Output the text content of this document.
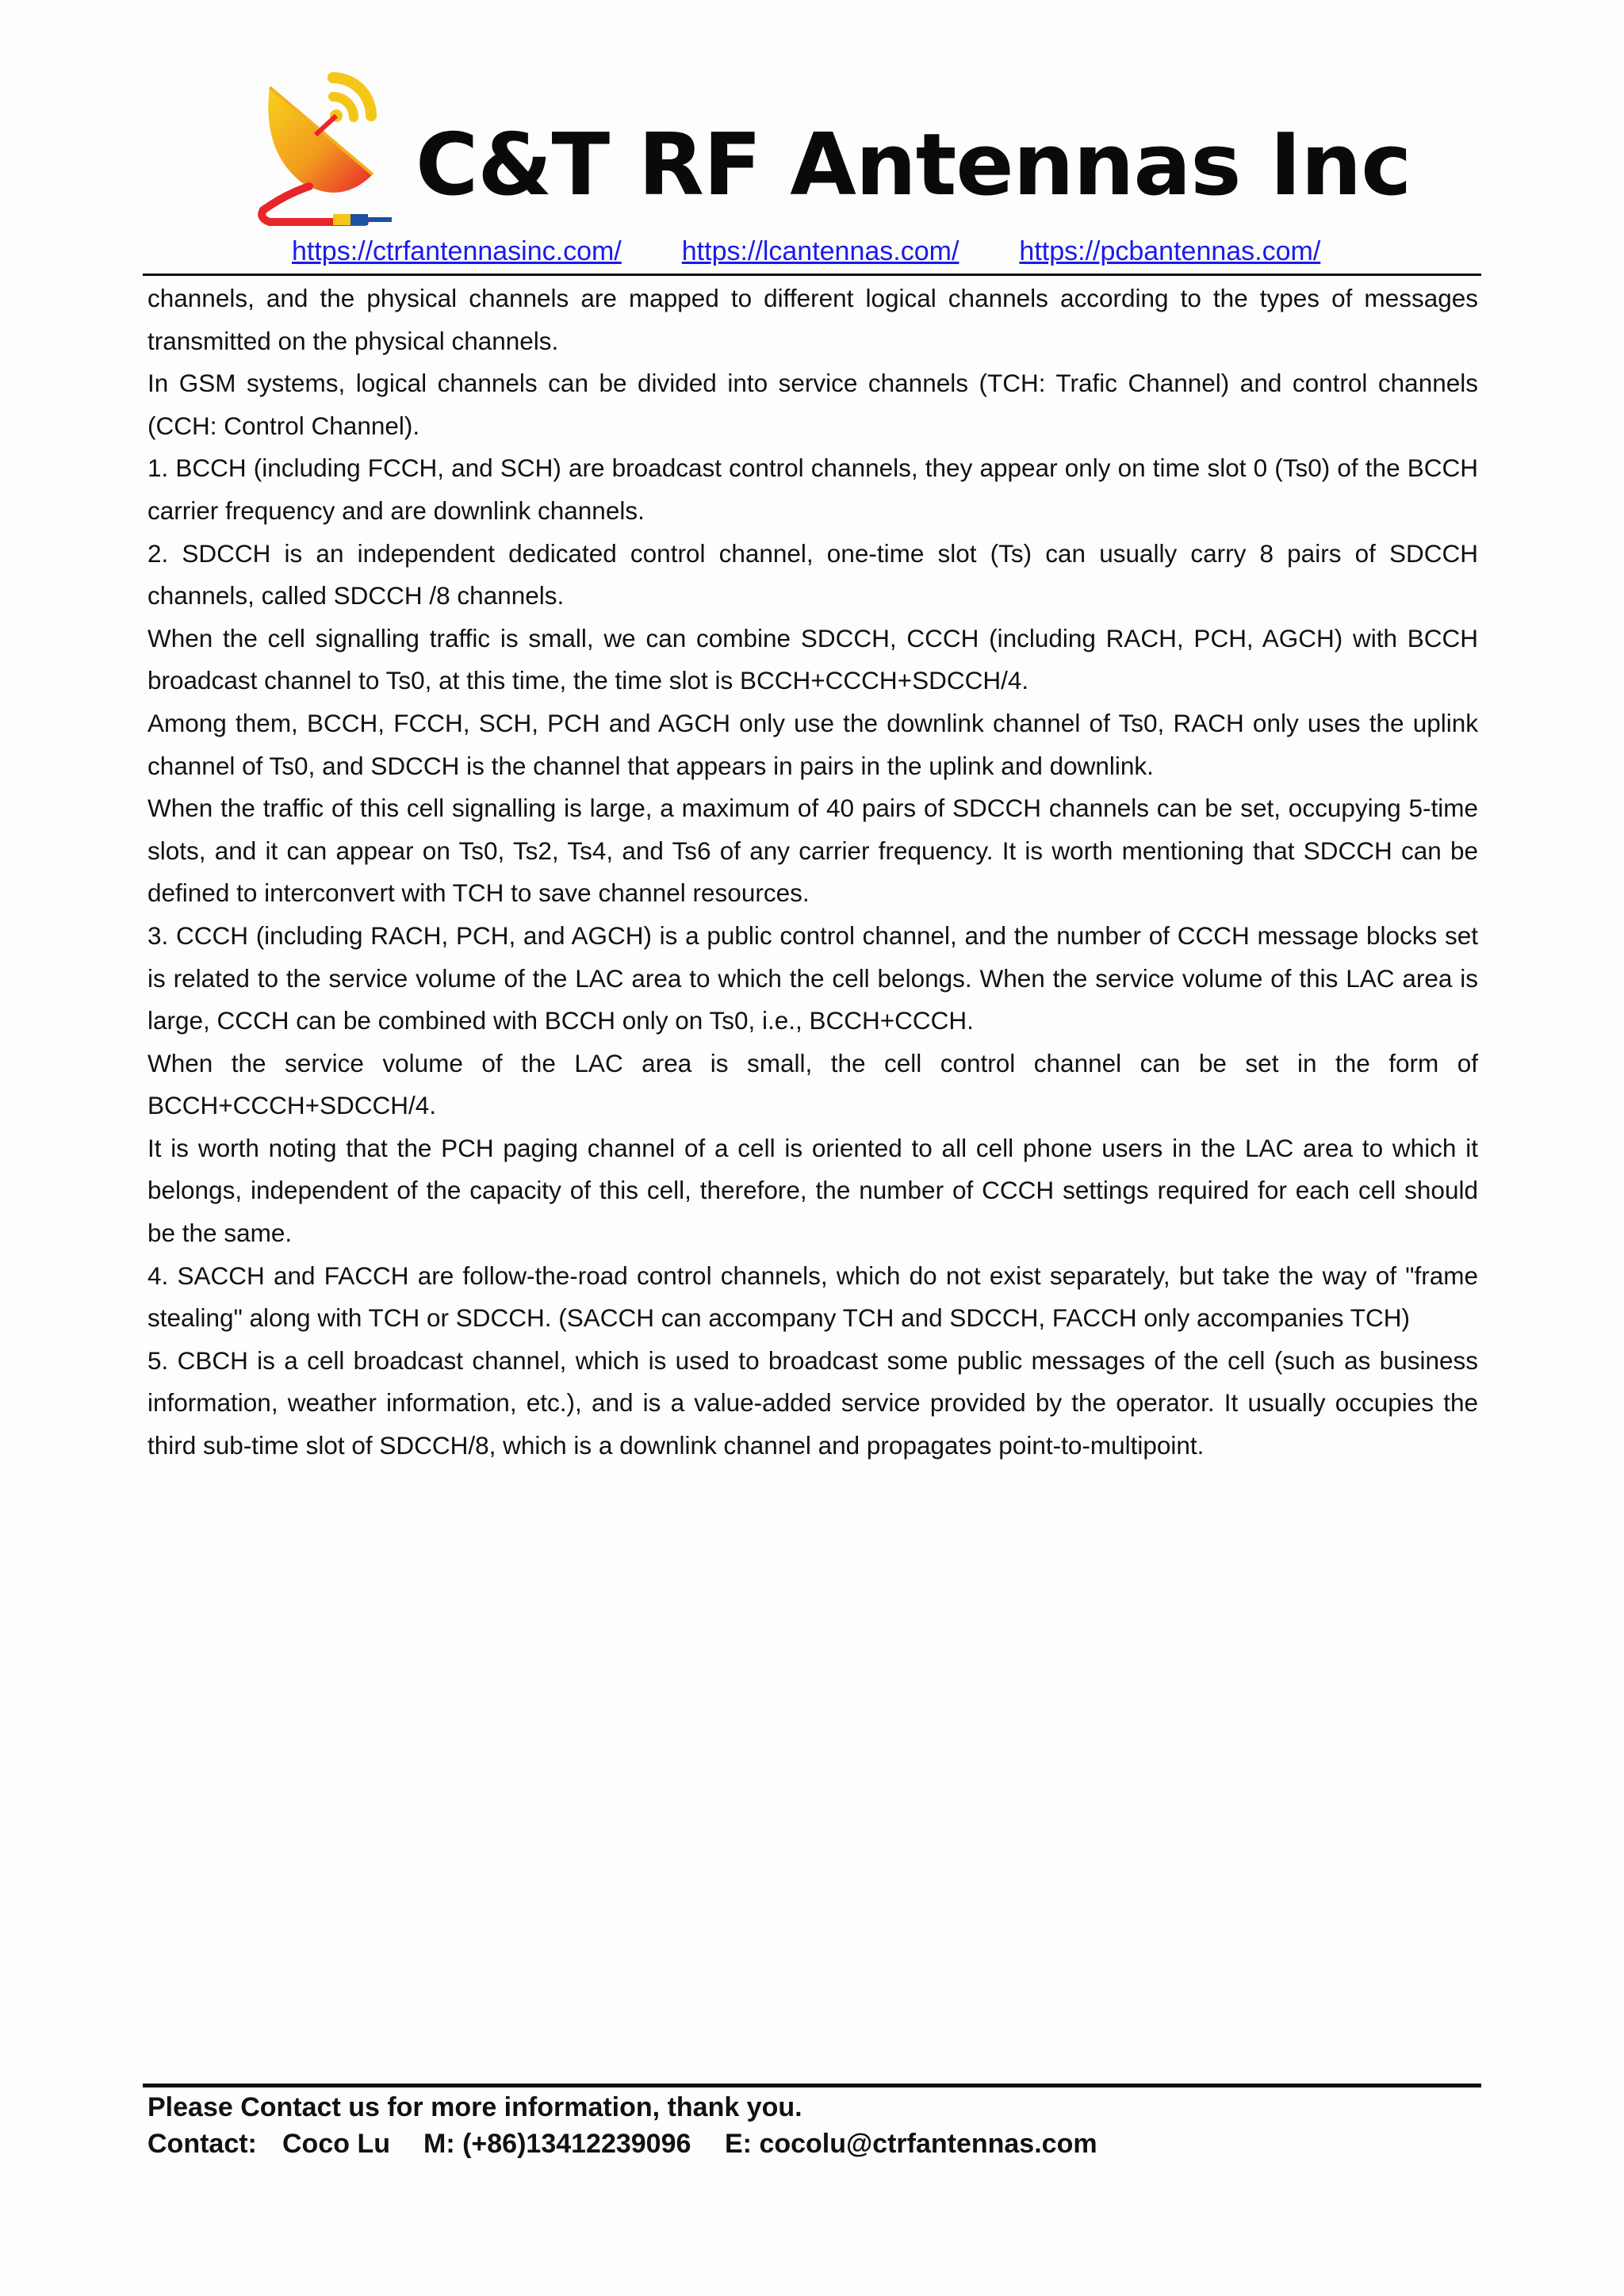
C&T RF Antennas Inc
https://ctrfantennasinc.com/ https://lcantennas.com/ https://pcbantennas.com/

channels, and the physical channels are mapped to different logical channels according to the types of messages transmitted on the physical channels.

In GSM systems, logical channels can be divided into service channels (TCH: Trafic Channel) and control channels (CCH: Control Channel).

1. BCCH (including FCCH, and SCH) are broadcast control channels, they appear only on time slot 0 (Ts0) of the BCCH carrier frequency and are downlink channels.

2. SDCCH is an independent dedicated control channel, one-time slot (Ts) can usually carry 8 pairs of SDCCH channels, called SDCCH /8 channels.

When the cell signalling traffic is small, we can combine SDCCH, CCCH (including RACH, PCH, AGCH) with BCCH broadcast channel to Ts0, at this time, the time slot is BCCH+CCCH+SDCCH/4.

Among them, BCCH, FCCH, SCH, PCH and AGCH only use the downlink channel of Ts0, RACH only uses the uplink channel of Ts0, and SDCCH is the channel that appears in pairs in the uplink and downlink.

When the traffic of this cell signalling is large, a maximum of 40 pairs of SDCCH channels can be set, occupying 5-time slots, and it can appear on Ts0, Ts2, Ts4, and Ts6 of any carrier frequency. It is worth mentioning that SDCCH can be defined to interconvert with TCH to save channel resources.

3. CCCH (including RACH, PCH, and AGCH) is a public control channel, and the number of CCCH message blocks set is related to the service volume of the LAC area to which the cell belongs. When the service volume of this LAC area is large, CCCH can be combined with BCCH only on Ts0, i.e., BCCH+CCCH.

When the service volume of the LAC area is small, the cell control channel can be set in the form of BCCH+CCCH+SDCCH/4.

It is worth noting that the PCH paging channel of a cell is oriented to all cell phone users in the LAC area to which it belongs, independent of the capacity of this cell, therefore, the number of CCCH settings required for each cell should be the same.

4. SACCH and FACCH are follow-the-road control channels, which do not exist separately, but take the way of "frame stealing" along with TCH or SDCCH. (SACCH can accompany TCH and SDCCH, FACCH only accompanies TCH)

5. CBCH is a cell broadcast channel, which is used to broadcast some public messages of the cell (such as business information, weather information, etc.), and is a value-added service provided by the operator. It usually occupies the third sub-time slot of SDCCH/8, which is a downlink channel and propagates point-to-multipoint.

Please Contact us for more information, thank you.
Contact: Coco Lu	M: (+86)13412239096	E: cocolu@ctrfantennas.com
